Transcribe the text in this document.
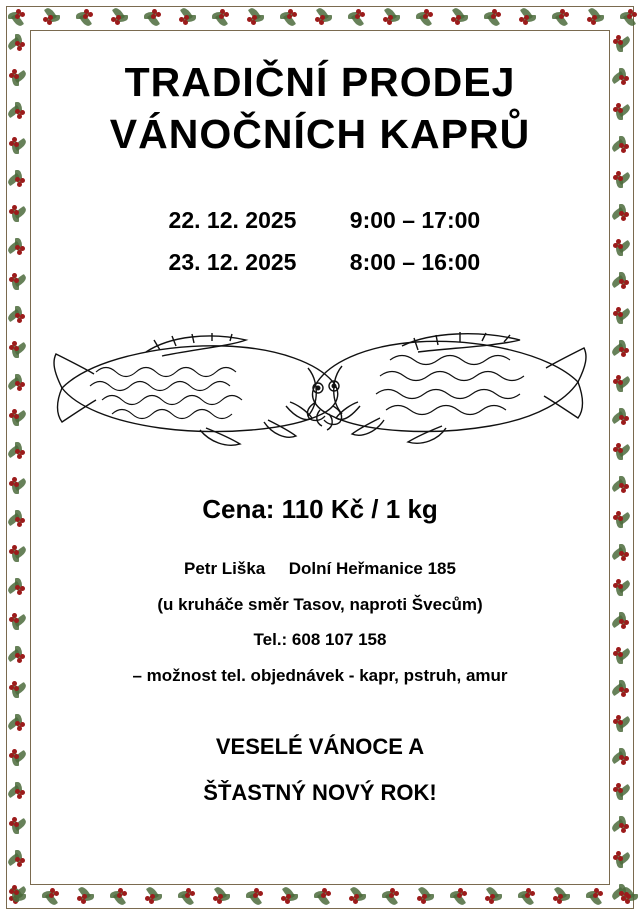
TRADIČNÍ PRODEJ
VÁNOČNÍCH KAPRŮ
22. 12. 2025	9:00 – 17:00
23. 12. 2025	8:00 – 16:00
Cena: 110 Kč / 1 kg
Petr Liška Dolní Heřmanice 185
(u kruháče směr Tasov, naproti Švecům)
Tel.: 608 107 158
– možnost tel. objednávek - kapr, pstruh, amur
VESELÉ VÁNOCE A
ŠŤASTNÝ NOVÝ ROK!
